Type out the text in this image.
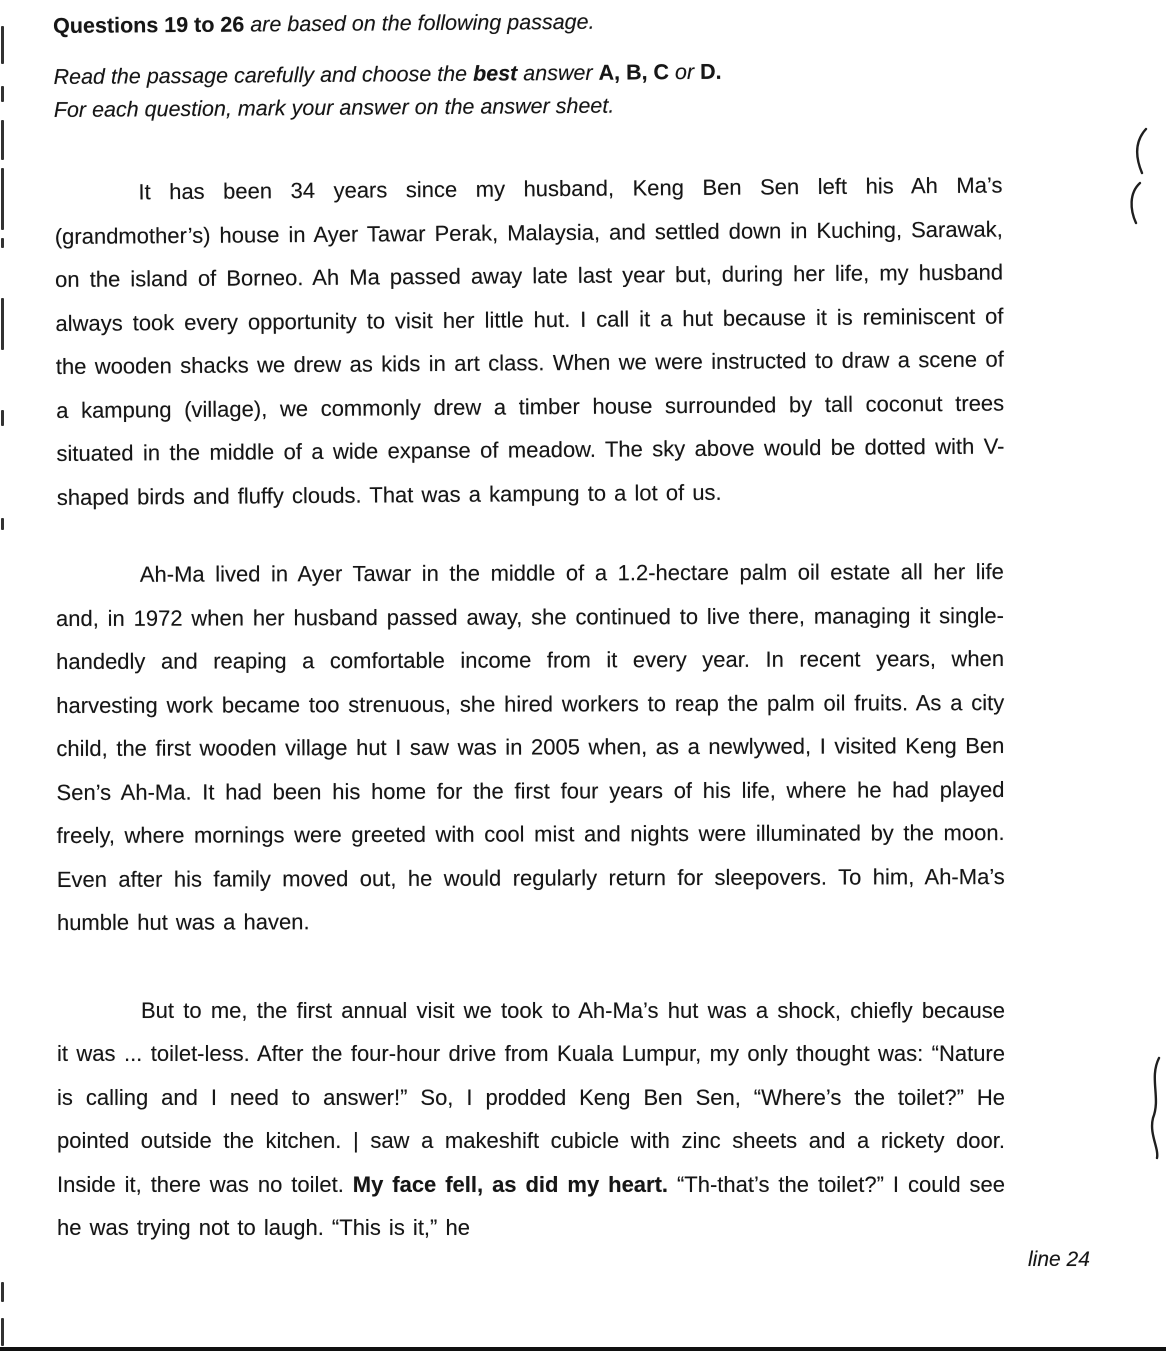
Questions 19 to 26 are based on the following passage.

Read the passage carefully and choose the best answer A, B, C or D.

For each question, mark your answer on the answer sheet.

It has been 34 years since my husband, Keng Ben Sen left his Ah Ma’s (grandmother’s) house in Ayer Tawar Perak, Malaysia, and settled down in Kuching, Sarawak, on the island of Borneo. Ah Ma passed away late last year but, during her life, my husband always took every opportunity to visit her little hut. I call it a hut because it is reminiscent of the wooden shacks we drew as kids in art class. When we were instructed to draw a scene of a kampung (village), we commonly drew a timber house surrounded by tall coconut trees situated in the middle of a wide expanse of meadow. The sky above would be dotted with V-shaped birds and fluffy clouds. That was a kampung to a lot of us.

Ah-Ma lived in Ayer Tawar in the middle of a 1.2-hectare palm oil estate all her life and, in 1972 when her husband passed away, she continued to live there, managing it single-handedly and reaping a comfortable income from it every year. In recent years, when harvesting work became too strenuous, she hired workers to reap the palm oil fruits. As a city child, the first wooden village hut I saw was in 2005 when, as a newlywed, I visited Keng Ben Sen’s Ah-Ma. It had been his home for the first four years of his life, where he had played freely, where mornings were greeted with cool mist and nights were illuminated by the moon. Even after his family moved out, he would regularly return for sleepovers. To him, Ah-Ma’s humble hut was a haven.

But to me, the first annual visit we took to Ah-Ma’s hut was a shock, chiefly because it was ... toilet-less. After the four-hour drive from Kuala Lumpur, my only thought was: “Nature is calling and I need to answer!” So, I prodded Keng Ben Sen, “Where’s the toilet?” He pointed outside the kitchen. | saw a makeshift cubicle with zinc sheets and a rickety door. Inside it, there was no toilet. My face fell, as did my heart. “Th-that’s the toilet?” I could see he was trying not to laugh. “This is it,” he

line 24
